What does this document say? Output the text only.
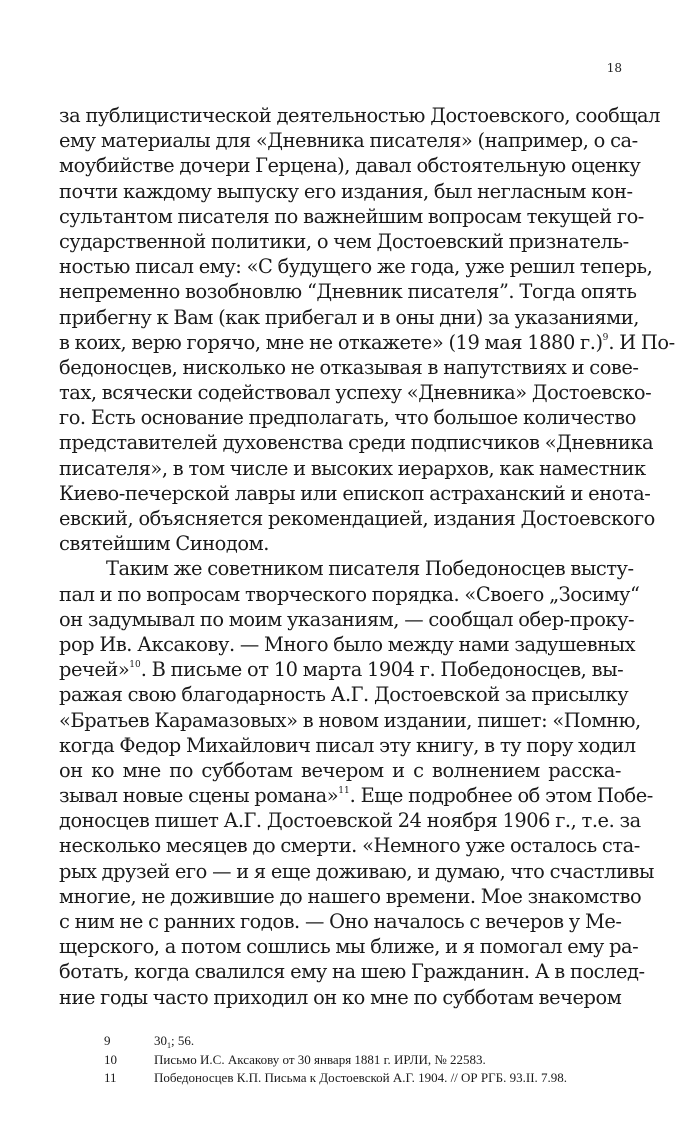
18
за публицистической деятельностью Достоевского, сообщал
ему материалы для «Дневника писателя» (например, о са-
моубийстве дочери Герцена), давал обстоятельную оценку
почти каждому выпуску его издания, был негласным кон-
сультантом писателя по важнейшим вопросам текущей го-
сударственной политики, о чем Достоевский признатель-
ностью писал ему: «С будущего же года, уже решил теперь,
непременно возобновлю “Дневник писателя”. Тогда опять
прибегну к Вам (как прибегал и в оны дни) за указаниями,
в коих, верю горячо, мне не откажете» (19 мая 1880 г.)$^9$. И По-
бедоносцев, нисколько не отказывая в напутствиях и сове-
тах, всячески содействовал успеху «Дневника» Достоевско-
го. Есть основание предполагать, что большое количество
представителей духовенства среди подписчиков «Дневника
писателя», в том числе и высоких иерархов, как наместник
Киево-печерской лавры или епископ астраханский и енота-
евский, объясняется рекомендацией, издания Достоевского
святейшим Синодом.
Таким же советником писателя Победоносцев высту-
пал и по вопросам творческого порядка. «Своего „Зосиму“
он задумывал по моим указаниям, — сообщал обер-проку-
рор Ив. Аксакову. — Много было между нами задушевных
речей»$^{10}$. В письме от 10 марта 1904 г. Победоносцев, вы-
ражая свою благодарность А.Г. Достоевской за присылку
«Братьев Карамазовых» в новом издании, пишет: «Помню,
когда Федор Михайлович писал эту книгу, в ту пору ходил
он ко мне по субботам вечером и с волнением расска-
зывал новые сцены романа»$^{11}$. Еще подробнее об этом Побе-
доносцев пишет А.Г. Достоевской 24 ноября 1906 г., т.е. за
несколько месяцев до смерти. «Немного уже осталось ста-
рых друзей его — и я еще доживаю, и думаю, что счастливы
многие, не дожившие до нашего времени. Мое знакомство
с ним не с ранних годов. — Оно началось с вечеров у Ме-
щерского, а потом сошлись мы ближе, и я помогал ему ра-
ботать, когда свалился ему на шею Гражданин. А в послед-
ние годы часто приходил он ко мне по субботам вечером
9	$30_1$; 56.
10	Письмо И.С. Аксакову от 30 января 1881 г. ИРЛИ, № 22583.
11	Победоносцев К.П. Письма к Достоевской А.Г. 1904. // ОР РГБ. 93.II. 7.98.
